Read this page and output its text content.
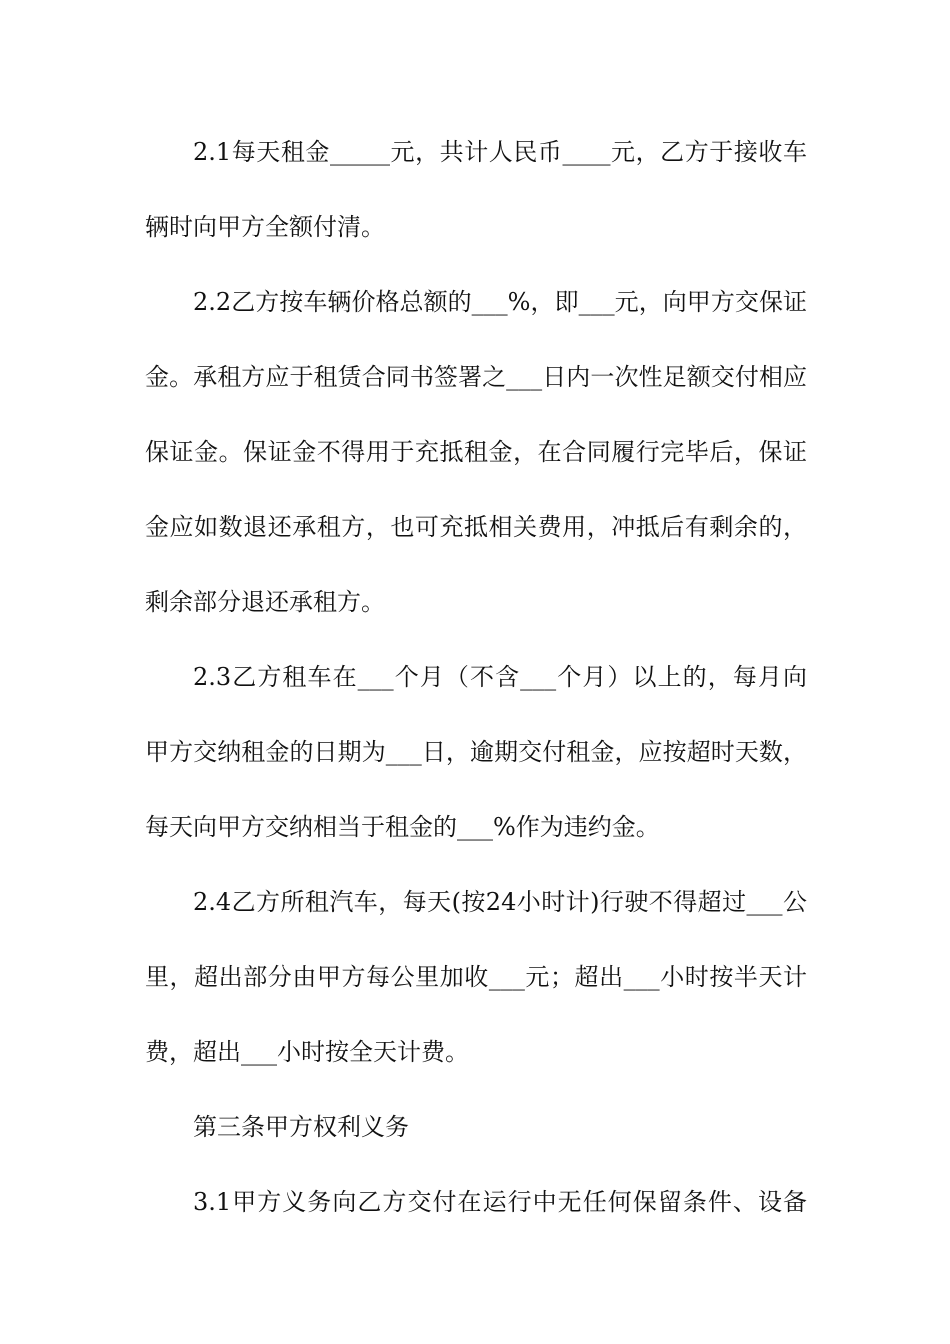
2.1每天租金_____元，共计人民币____元，乙方于接收车
辆时向甲方全额付清。
2.2乙方按车辆价格总额的___%，即___元，向甲方交保证
金。承租方应于租赁合同书签署之___日内一次性足额交付相应
保证金。保证金不得用于充抵租金，在合同履行完毕后，保证
金应如数退还承租方，也可充抵相关费用，冲抵后有剩余的，
剩余部分退还承租方。
2.3乙方租车在___个月（不含___个月）以上的，每月向
甲方交纳租金的日期为___日，逾期交付租金，应按超时天数，
每天向甲方交纳相当于租金的___%作为违约金。
2.4乙方所租汽车，每天(按24小时计)行驶不得超过___公
里，超出部分由甲方每公里加收___元；超出___小时按半天计
费，超出___小时按全天计费。
第三条甲方权利义务
3.1甲方义务向乙方交付在运行中无任何保留条件、设备
